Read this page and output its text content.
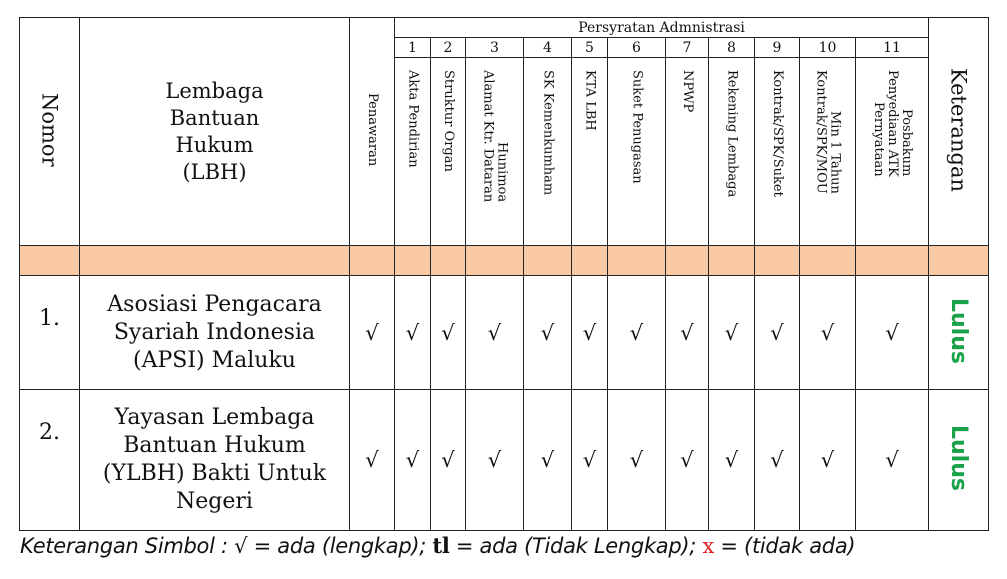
Nomor	Lembaga
Bantuan
Hukum
(LBH)	Penawaran	Persyratan Admnistrasi											Keterangan
			1	2	3	4	5	6	7	8	9	10	11	
			Akta Pendirian	Struktur Organ	Alamat Ktr. DataranHunimoa	SK Kemenkumham	KTA LBH	Suket Penugasan	NPWP	Rekening Lembaga	Kontrak/SPK/Suket	Kontrak/SPK/MOUMin 1 Tahun	PernyataanPenyediaan ATKPosbakum	

1.	Asosiasi Pengacara
Syariah Indonesia
(APSI) Maluku	√	√	√	√	√	√	√	√	√	√	√	√	Lulus
2.	Yayasan Lembaga
Bantuan Hukum
(YLBH) Bakti Untuk
Negeri	√	√	√	√	√	√	√	√	√	√	√	√	Lulus
Keterangan Simbol : √ = ada (lengkap); tl = ada (Tidak Lengkap); x = (tidak ada)
